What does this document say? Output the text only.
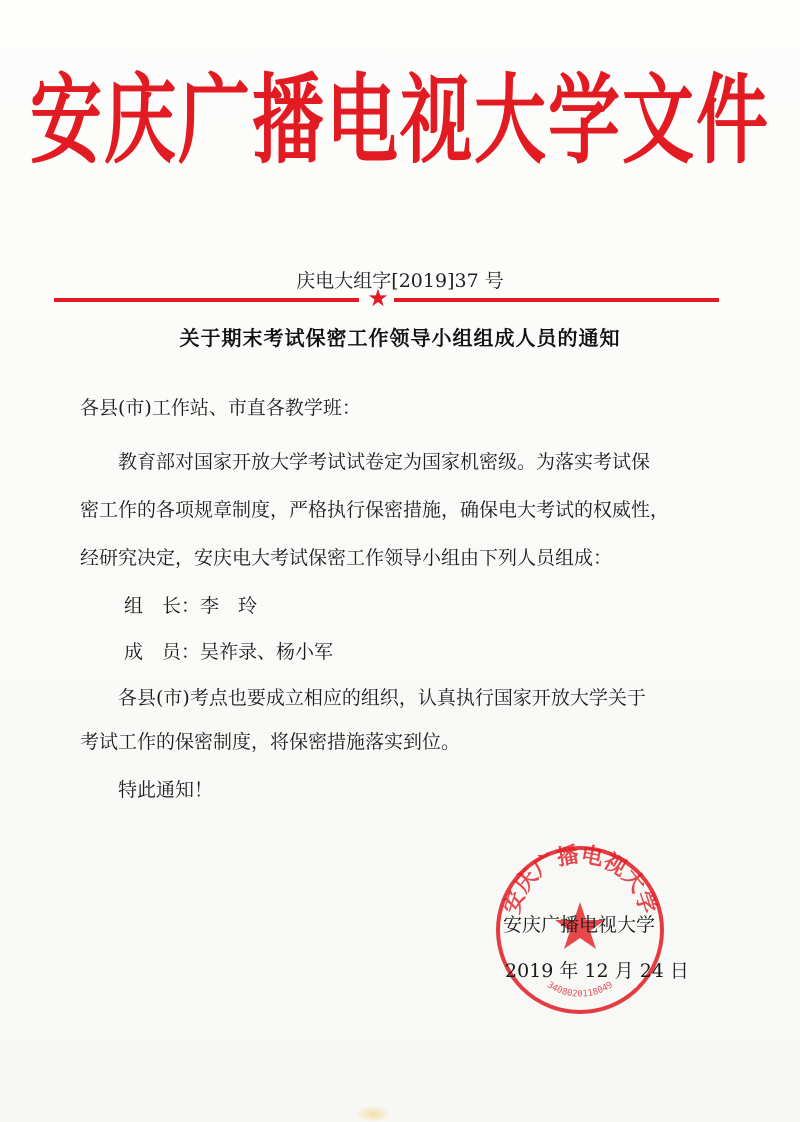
安庆广播电视大学文件
庆电大组字[2019]37 号
★
关于期末考试保密工作领导小组组成人员的通知
各县(市)工作站、市直各教学班：
教育部对国家开放大学考试试卷定为国家机密级。为落实考试保
密工作的各项规章制度，严格执行保密措施，确保电大考试的权威性，
经研究决定，安庆电大考试保密工作领导小组由下列人员组成：
组　长：李　玲
成　员：吴祚录、杨小军
各县(市)考点也要成立相应的组织，认真执行国家开放大学关于
考试工作的保密制度，将保密措施落实到位。
特此通知！
安庆广播电视大学
3408020118049
安庆广播电视大学
2019 年 12 月 24 日
